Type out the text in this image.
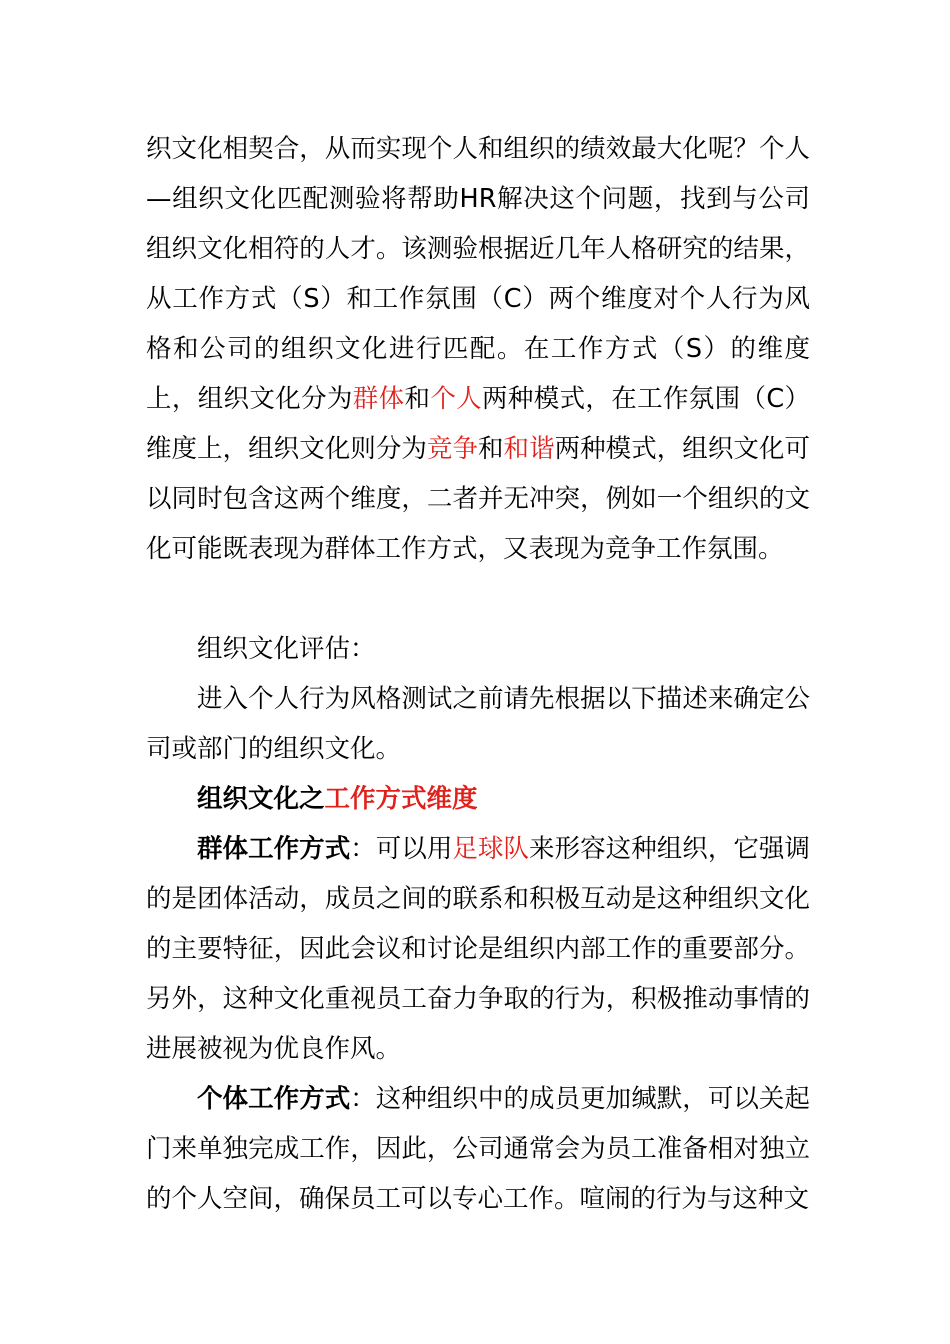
织文化相契合，从而实现个人和组织的绩效最大化呢？个人—组织文化匹配测验将帮助HR解决这个问题，找到与公司组织文化相符的人才。该测验根据近几年人格研究的结果，从工作方式（S）和工作氛围（C）两个维度对个人行为风格和公司的组织文化进行匹配。在工作方式（S）的维度上，组织文化分为群体和个人两种模式，在工作氛围（C）维度上，组织文化则分为竞争和和谐两种模式，组织文化可以同时包含这两个维度，二者并无冲突，例如一个组织的文化可能既表现为群体工作方式，又表现为竞争工作氛围。

组织文化评估：

进入个人行为风格测试之前请先根据以下描述来确定公司或部门的组织文化。

组织文化之工作方式维度

群体工作方式：可以用足球队来形容这种组织，它强调的是团体活动，成员之间的联系和积极互动是这种组织文化的主要特征，因此会议和讨论是组织内部工作的重要部分。另外，这种文化重视员工奋力争取的行为，积极推动事情的进展被视为优良作风。

个体工作方式：这种组织中的成员更加缄默，可以关起门来单独完成工作，因此，公司通常会为员工准备相对独立的个人空间，确保员工可以专心工作。喧闹的行为与这种文
